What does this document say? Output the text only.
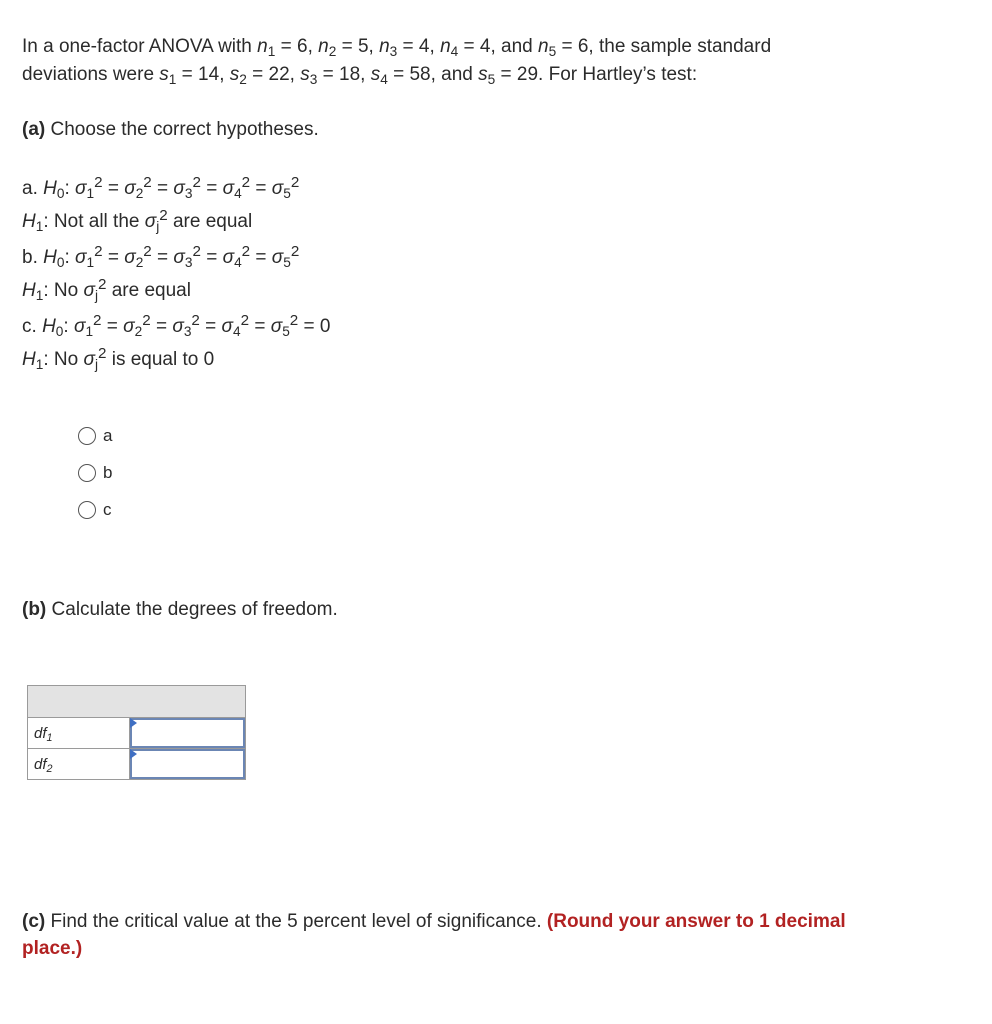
In a one-factor ANOVA with $n_1 = 6$, $n_2 = 5$, $n_3 = 4$, $n_4 = 4$, and $n_5 = 6$, the sample standard
deviations were $s_1 = 14$, $s_2 = 22$, $s_3 = 18$, $s_4 = 58$, and $s_5 = 29$. For Hartley’s test:
(a) Choose the correct hypotheses.
a. $H_0$: $\sigma_1^2 = \sigma_2^2 = \sigma_3^2 = \sigma_4^2 = \sigma_5^2$
$H_1$: Not all the $\sigma_j^2$ are equal
b. $H_0$: $\sigma_1^2 = \sigma_2^2 = \sigma_3^2 = \sigma_4^2 = \sigma_5^2$
$H_1$: No $\sigma_j^2$ are equal
c. $H_0$: $\sigma_1^2 = \sigma_2^2 = \sigma_3^2 = \sigma_4^2 = \sigma_5^2 = 0$
$H_1$: No $\sigma_j^2$ is equal to 0
a
b
c
(b) Calculate the degrees of freedom.

$df_1$	

$df_2$	
(c) Find the critical value at the 5 percent level of significance. (Round your answer to 1 decimal
place.)
